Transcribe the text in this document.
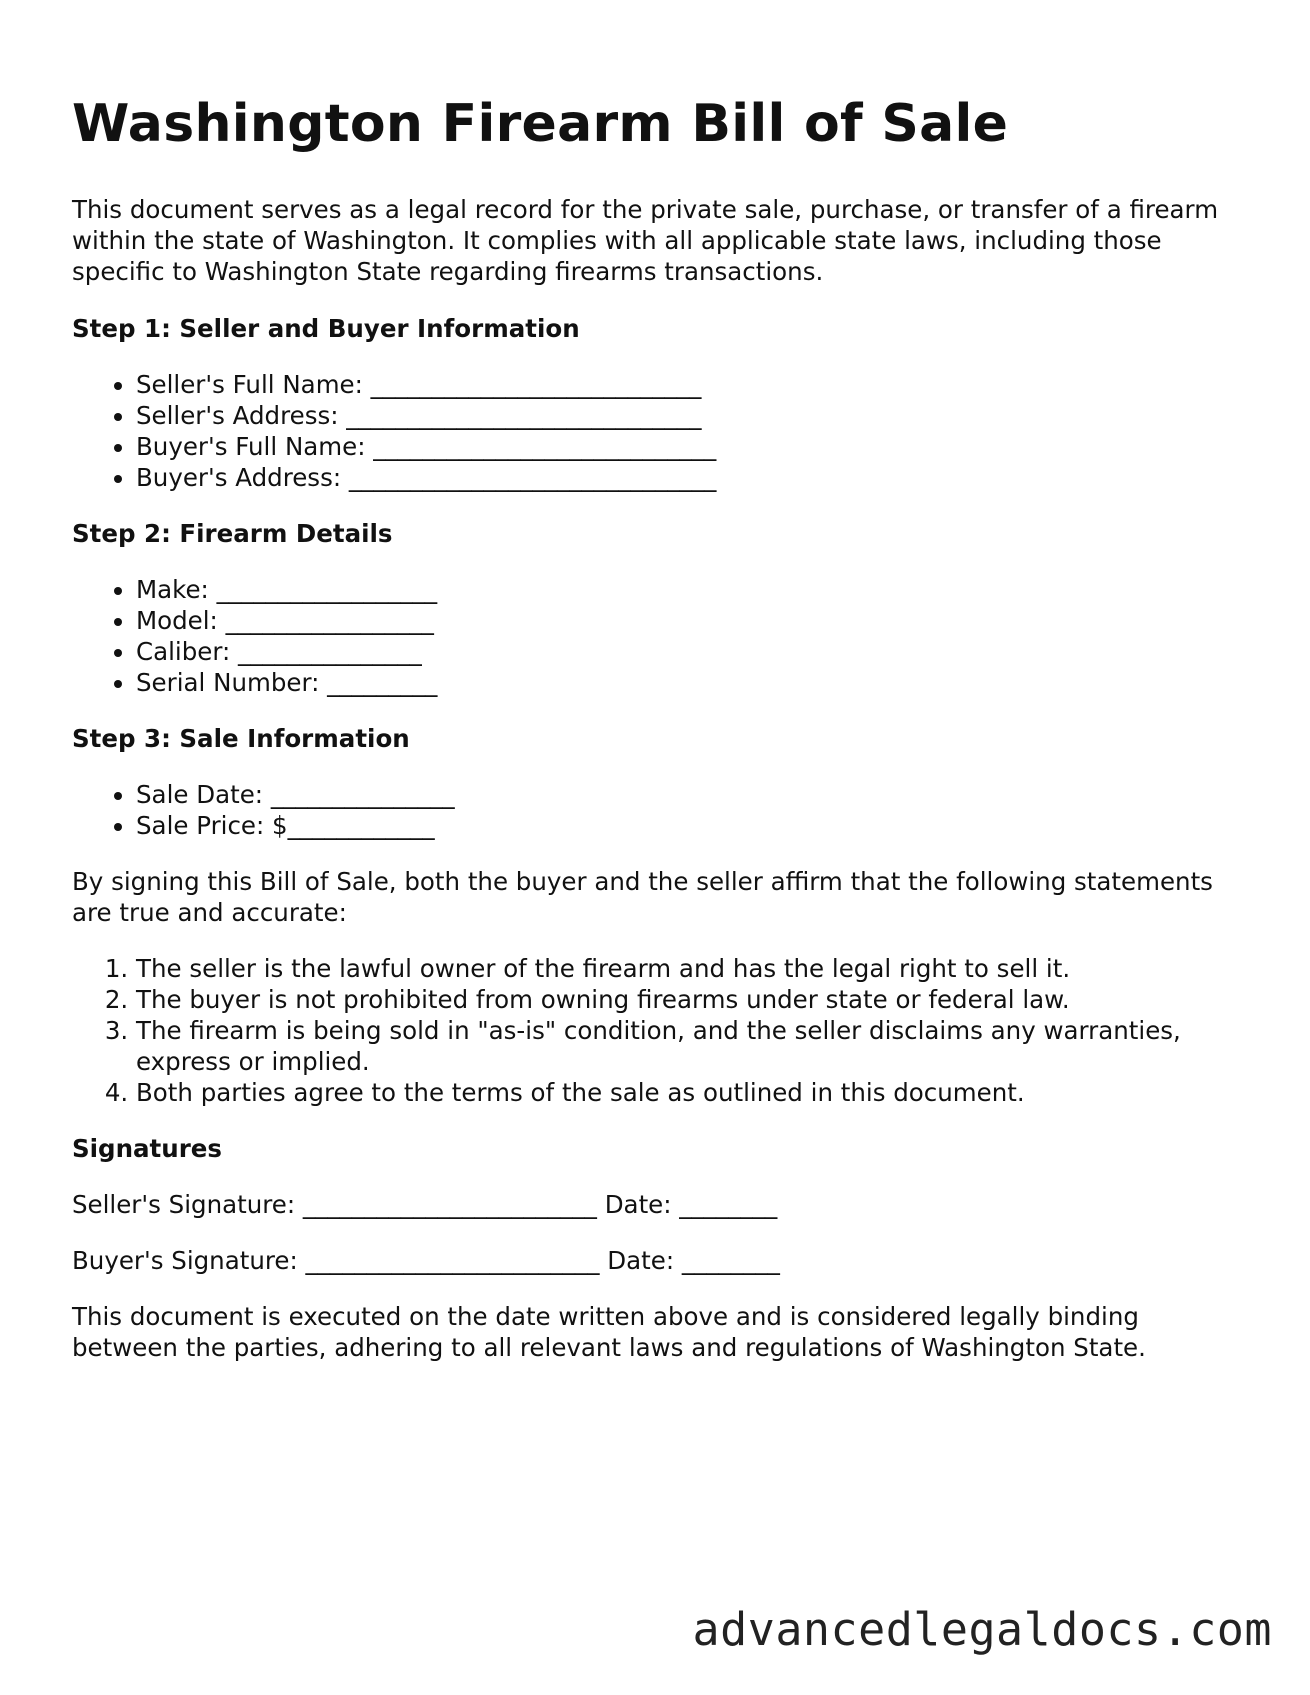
Washington Firearm Bill of Sale

This document serves as a legal record for the private sale, purchase, or transfer of a firearm within the state of Washington. It complies with all applicable state laws, including those specific to Washington State regarding firearms transactions.

Step 1: Seller and Buyer Information
• Seller's Full Name: ___________________________
• Seller's Address: _____________________________
• Buyer's Full Name: ____________________________
• Buyer's Address: ______________________________
Step 2: Firearm Details
• Make: __________________
• Model: _________________
• Caliber: _______________
• Serial Number: _________
Step 3: Sale Information
• Sale Date: _______________
• Sale Price: $____________

By signing this Bill of Sale, both the buyer and the seller affirm that the following statements are true and accurate:

1. The seller is the lawful owner of the firearm and has the legal right to sell it.
2. The buyer is not prohibited from owning firearms under state or federal law.
3. The firearm is being sold in "as-is" condition, and the seller disclaims any warranties, express or implied.
4. Both parties agree to the terms of the sale as outlined in this document.
Signatures

Seller's Signature: ________________________ Date: ________

Buyer's Signature: ________________________ Date: ________

This document is executed on the date written above and is considered legally binding between the parties, adhering to all relevant laws and regulations of Washington State.

advancedlegaldocs.com
